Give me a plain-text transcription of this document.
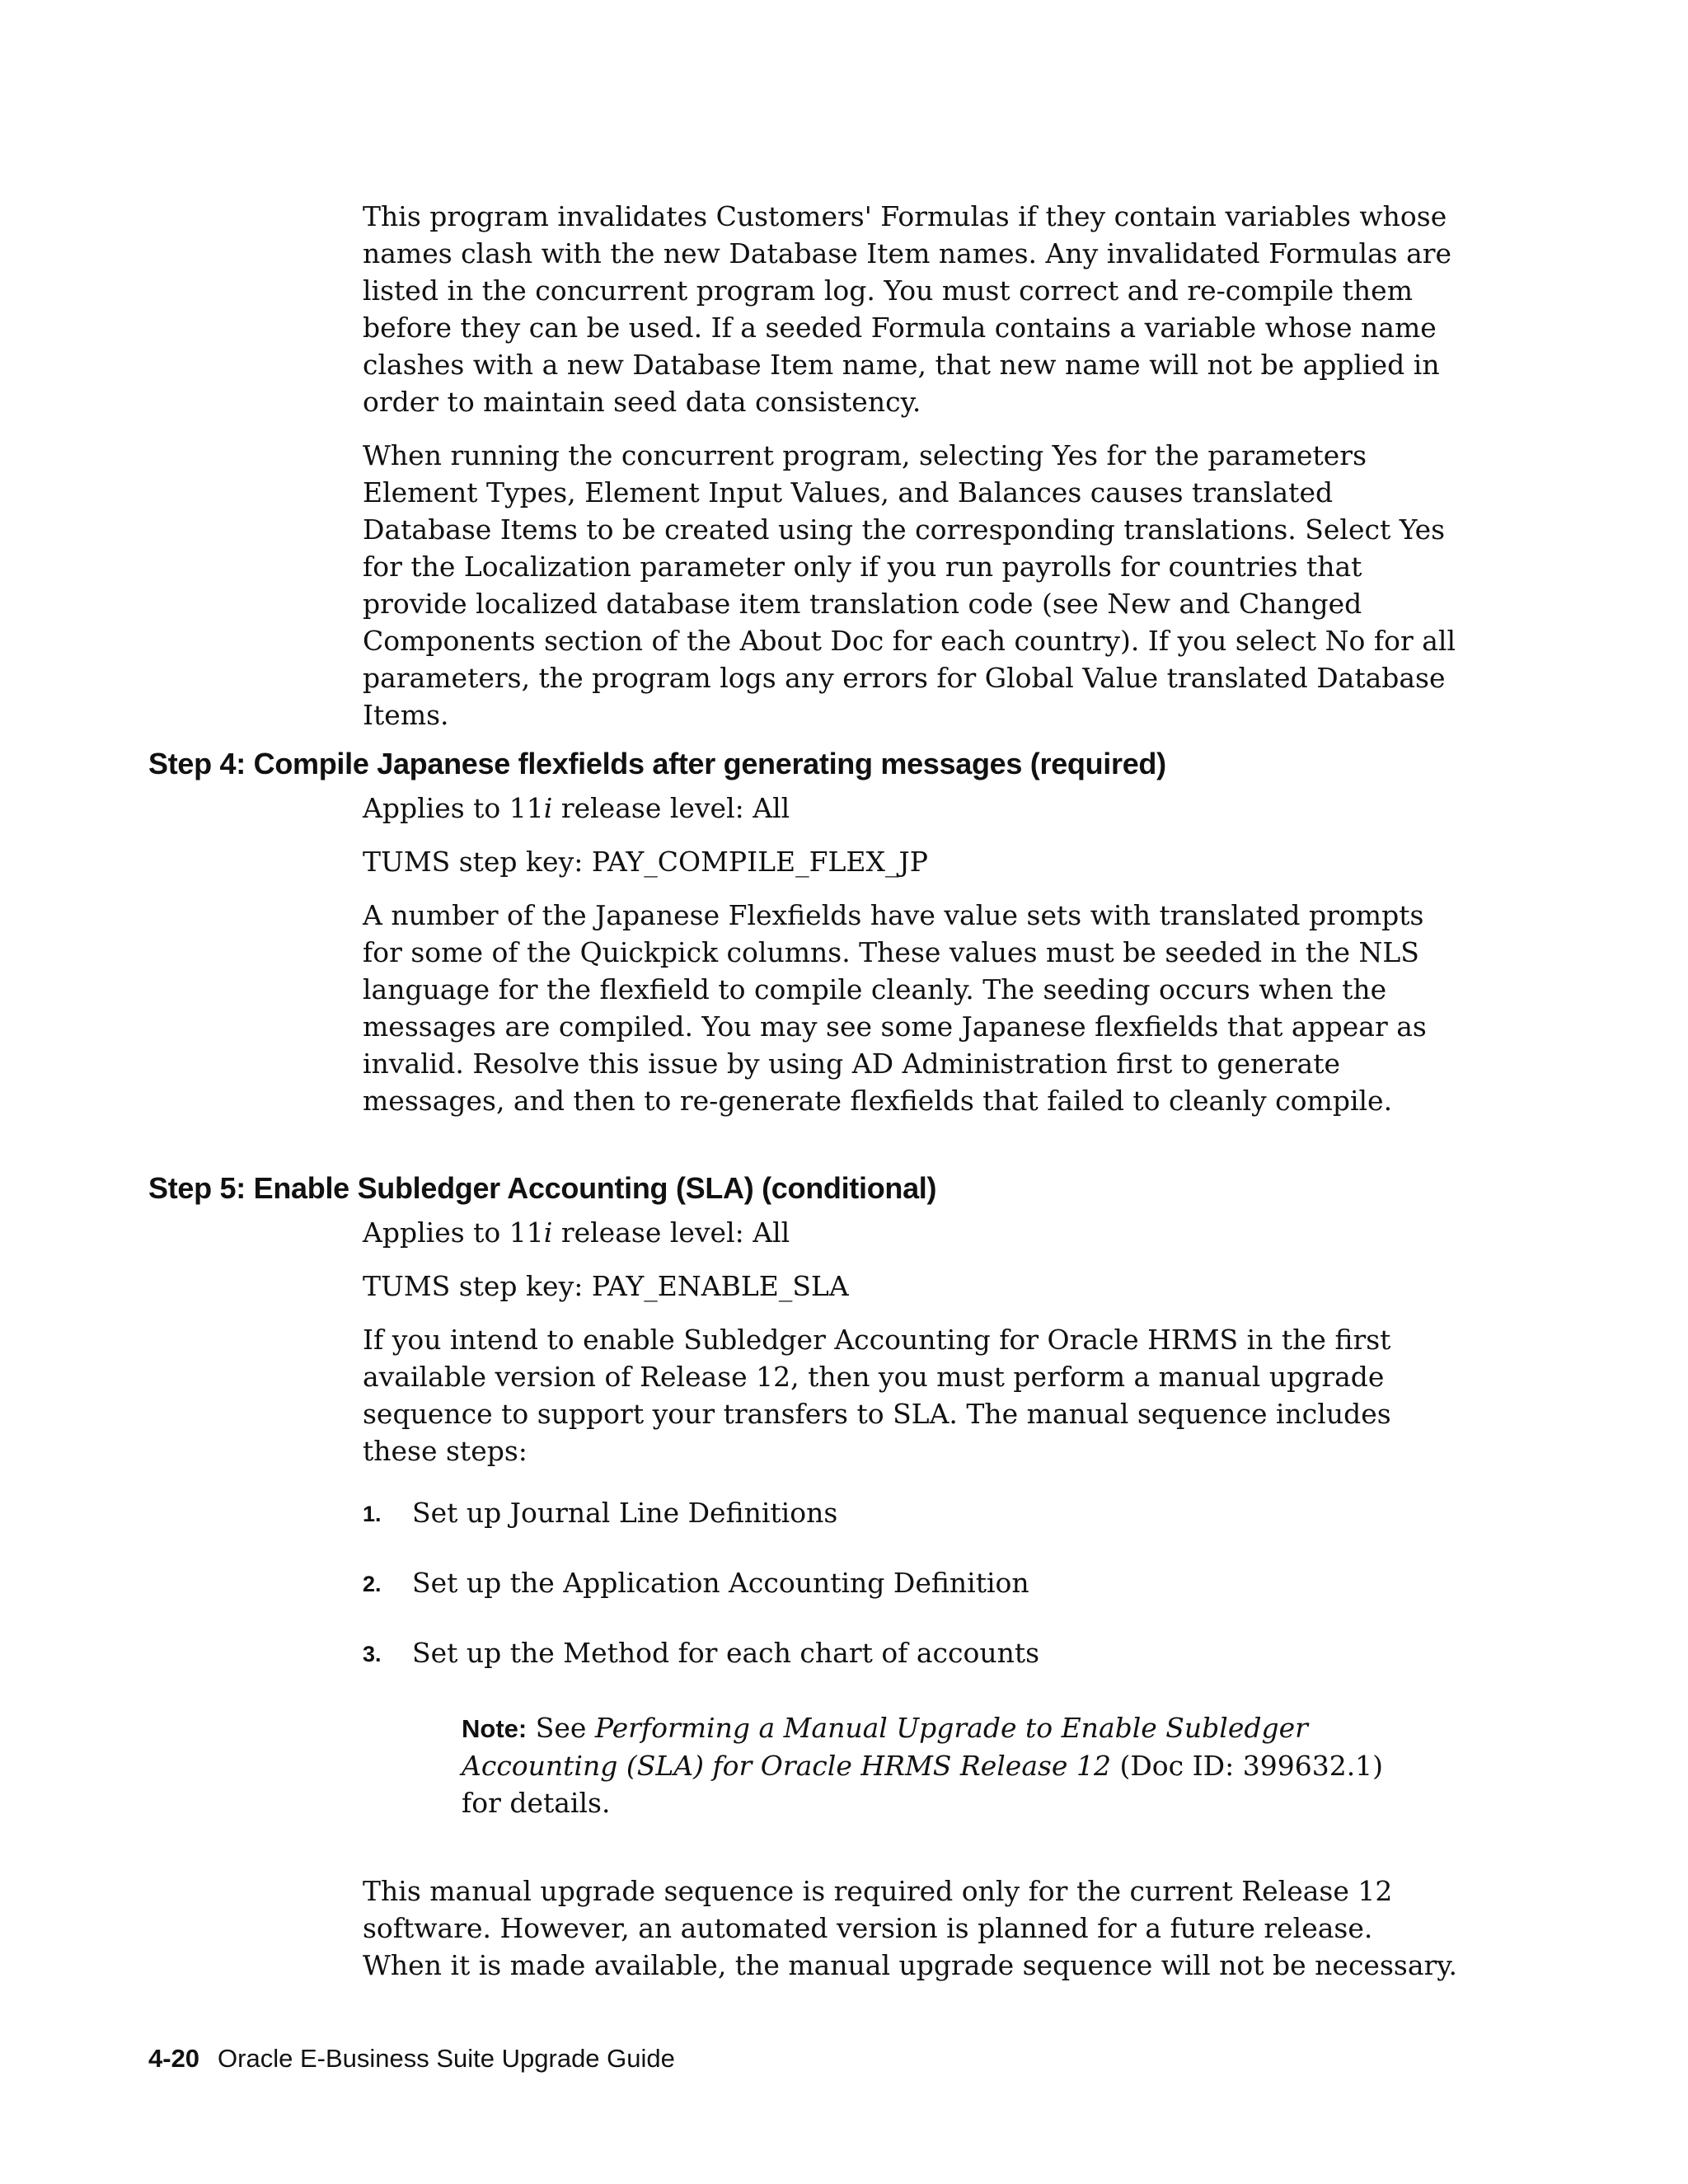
This program invalidates Customers' Formulas if they contain variables whose names clash with the new Database Item names. Any invalidated Formulas are listed in the concurrent program log. You must correct and re-compile them before they can be used. If a seeded Formula contains a variable whose name clashes with a new Database Item name, that new name will not be applied in order to maintain seed data consistency.

When running the concurrent program, selecting Yes for the parameters Element Types, Element Input Values, and Balances causes translated Database Items to be created using the corresponding translations. Select Yes for the Localization parameter only if you run payrolls for countries that provide localized database item translation code (see New and Changed Components section of the About Doc for each country). If you select No for all parameters, the program logs any errors for Global Value translated Database Items.

Step 4: Compile Japanese flexfields after generating messages (required)

Applies to 11i release level: All

TUMS step key: PAY_COMPILE_FLEX_JP

A number of the Japanese Flexfields have value sets with translated prompts for some of the Quickpick columns. These values must be seeded in the NLS language for the flexfield to compile cleanly. The seeding occurs when the messages are compiled. You may see some Japanese flexfields that appear as invalid. Resolve this issue by using AD Administration first to generate messages, and then to re-generate flexfields that failed to cleanly compile.

Step 5: Enable Subledger Accounting (SLA) (conditional)

Applies to 11i release level: All

TUMS step key: PAY_ENABLE_SLA

If you intend to enable Subledger Accounting for Oracle HRMS in the first available version of Release 12, then you must perform a manual upgrade sequence to support your transfers to SLA. The manual sequence includes these steps:

1. Set up Journal Line Definitions
2. Set up the Application Accounting Definition
3. Set up the Method for each chart of accounts

Note: See Performing a Manual Upgrade to Enable Subledger Accounting (SLA) for Oracle HRMS Release 12 (Doc ID: 399632.1) for details.

This manual upgrade sequence is required only for the current Release 12 software. However, an automated version is planned for a future release. When it is made available, the manual upgrade sequence will not be necessary.

4-20 Oracle E-Business Suite Upgrade Guide
